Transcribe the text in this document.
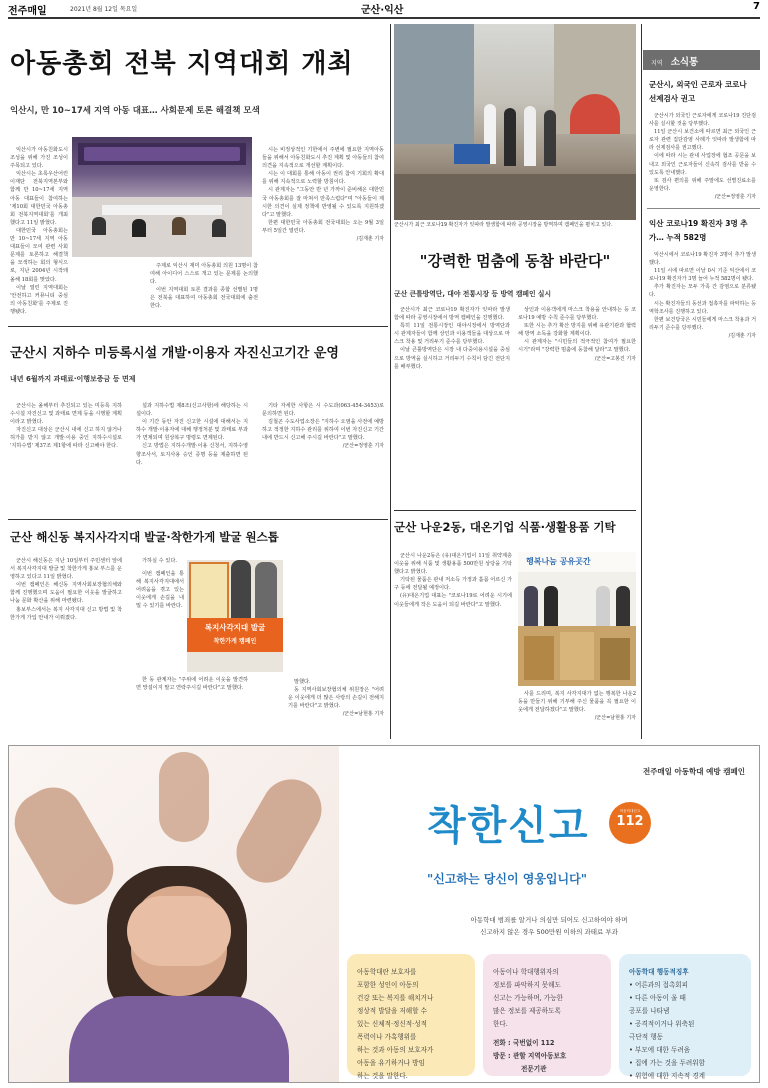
전주매일	2021년 8월 12일 목요일	군산·익산	7
아동총회 전북 지역대회 개최
익산시, 만 10~17세 지역 아동 대표… 사회문제 토론 해결책 모색

익산시가 아동친화도시 조성을 위해 가진 조성이 주목되고 있다.

익산시는 초록우산어린이재단 전북지역본부와 함께 만 10~17세 지역 아동 대표들이 참여하는 '제10회 대한민국 아동총회 전북지역대회'를 개최했다고 11일 밝혔다.

대한민국 아동총회는 만 10~17세 지역 아동 대표들이 모여 관련 사회문제를 토론하고 해결책을 모색하는 회의 형식으로, 지난 2004년 시작돼 올해 18회를 맞았다.

이날 열린 지역대회는 '안전하고 커뮤니티 중심의 아동친화'를 주제로 진행됐다.

주제로 익산시 재미 아동총회 의원 13명이 참여해 아이디어 스스로 개고 있는 문제를 논의했다.

이번 지역대회 토론 결과를 종합 선별된 1명은 전북을 대표하여 아동총회 전국대회에 출전한다.

시는 비정상적인 기한에서 주변에 필요한 지역아동들을 위해서 아동친화도시 추진 계획 및 아동들의 참여 의견을 지속적으로 개선할 계획이다.

시는 이 대회를 통해 아동이 권리 참여 기회의 확대를 위해 지속적으로 노력할 방침이다.

시 관계자는 "그동안 반 년 가까이 준비해온 대한민국 아동총회를 잘 마쳐서 만족스럽다"며 "아동들이 제시한 의견이 실제 정책에 반영될 수 있도록 지원하겠다"고 말했다.

한편 대한민국 아동총회 전국대회는 오는 9월 3일부터 5일간 열린다.

/김재춘 기자
군산시 지하수 미등록시설 개발·이용자 자진신고기간 운영
내년 6월까지 과태료·이행보증금 등 면제

군산시는 올해부터 추진되고 있는 미등록 지하수시설 자진신고 및 과태료 면제 등을 시행할 계획이라고 밝혔다.

자진신고 대상은 군산시 내에 신고 하지 않거나 허가를 받지 않고 개발·이용 중인 지하수시설로 '지하수법' 제37조 제1항에 따라 신고해야 한다.

설과 지하수법 제8조(신고사항)에 해당하는 시설이다.

이 기간 동안 자진 신고한 시설에 대해서는 지하수 개발·이용자에 대해 행정처분 및 과태료 부과가 면제되며 원상복구 명령도 면제된다.

신고 방법은 지하수개발·이용 신청서, 지하수영향조사서, 토지사용 승인 증명 등을 제출하면 된다.

기타 자세한 사항은 시 수도과(063-454-3453)로 문의하면 된다.

김철곤 수도사업소장은 "지하수 오염을 사전에 예방하고 적정한 지하수 관리를 위하여 이번 자진신고 기간 내에 반드시 신고해 주시길 바란다"고 말했다.

/군산=정영훈 기자
군산 해신동 복지사각지대 발굴·착한가게 발굴 원스톱

군산시 해신동은 지난 10일부터 주민센터 앞에서 복지사각지대 발굴 및 착한가게 홍보 부스를 운영하고 있다고 11일 밝혔다.

이번 캠페인은 해신동 지역사회보장협의체와 함께 진행했으며 도움이 필요한 이웃을 발굴하고 나눔 문화 확산을 위해 마련됐다.

홍보부스에서는 복지 사각지대 신고 방법 및 착한가게 가입 안내가 이뤄졌다.

가하실 수 있다.

복지사각지대 발굴
착한가게 캠페인

이번 캠페인을 통해 복지사각지대에서 어려움을 겪고 있는 이웃에게 손길을 내밀 수 있기를 바란다.

한 동 관계자는 "주위에 어려운 이웃을 발견하면 망설이지 말고 연락주시길 바란다"고 말했다.

말했다.

동 지역사회보장협의체 위원장은 "어려운 이웃에게 더 많은 사랑의 손길이 전해지기를 바란다"고 밝혔다.

/군산=남현홍 기자
군산시가 최근 코로나19 확진자가 잇따라 발생함에 따라 공영시장을 방역하며 캠페인을 펼치고 있다.
"강력한 멈춤에 동참 바란다"
군산 큰틀방역단, 대야 전통시장 등 방역 캠페인 실시

군산시가 최근 코로나19 확진자가 잇따라 발생함에 따라 공영시장에서 방역 캠페인을 진행했다.

특히 11일 전통시장인 대야시장에서 방역단과 시 관계자들이 함께 상인과 이용객들을 대상으로 마스크 착용 및 거리두기 준수를 당부했다.

이날 큰틀방역단은 시장 내 다중이용시설을 중심으로 방역을 실시하고 거리두기 수칙이 담긴 전단지를 배부했다.

상인과 이용객에게 마스크 착용을 안내하는 등 코로나19 예방 수칙 준수를 당부했다.

또한 시는 추가 확산 방지를 위해 유관기관과 협력해 방역 소독을 강화할 계획이다.

시 관계자는 "시민들의 적극적인 참여가 필요한 시기"라며 "강력한 멈춤에 동참해 달라"고 말했다.

/군산=고봉진 기자
군산 나운2동, 대온기업 식품·생활용품 기탁

군산시 나운2동은 (유)대온기업이 11일 취약계층 이웃을 위해 식품 및 생활용품 500만원 상당을 기탁했다고 밝혔다.

기탁된 물품은 관내 저소득 가정과 홀몸 어르신 가구 등에 전달될 예정이다.

(유)대온기업 대표는 "코로나19로 어려운 시기에 이웃들에게 작은 도움이 되길 바란다"고 말했다.

행복나눔 공유곳간

사를 드리며, 복지 사각지대가 없는 행복한 나운2동을 만들기 위해 기부해 주신 물품을 꼭 필요한 이웃에게 전달하겠다"고 말했다.

/군산=남현홍 기자
지역 소식통
군산시, 외국인 근로자 코로나 선제검사 권고

군산시가 외국인 근로자에게 코로나19 진단검사를 실시할 것을 당부했다.

11일 군산시 보건소에 따르면 최근 외국인 근로자 관련 집단감염 사례가 잇따라 발생함에 따라 선제검사를 권고했다.

이에 따라 시는 관내 사업장에 협조 공문을 보내고 외국인 근로자들이 신속히 검사를 받을 수 있도록 안내했다.

또 검사 편의를 위해 주말에도 선별진료소를 운영한다.

/군산=정영훈 기자
익산 코로나19 확진자 3명 추가… 누적 582명

익산시에서 코로나19 확진자 3명이 추가 발생했다.

11일 시에 따르면 이날 0시 기준 익산에서 코로나19 확진자가 3명 늘어 누적 582명이 됐다.

추가 확진자는 모두 가족 간 감염으로 분류됐다.

시는 확진자들의 동선과 접촉자를 파악하는 등 역학조사를 진행하고 있다.

한편 보건당국은 시민들에게 마스크 착용과 거리두기 준수를 당부했다.

/김재춘 기자
전주매일 아동학대 예방 캠페인
착한신고	아동학대신고
112
"신고하는 당신이 영웅입니다"
아동학대 범죄를 알거나 의심만 되어도 신고하여야 하며
신고하지 않은 경우 500만원 이하의 과태료 부과
아동학대란 보호자를
포함한 성인이 아동의
건강 또는 복지를 해치거나
정상적 발달을 저해할 수
있는 신체적·정신적·성적
폭력이나 가혹행위를
하는 것과 아동의 보호자가
아동을 유기하거나 방임
하는 것을 말한다.
아동이나 학대행위자의
정보를 파악하지 못해도
신고는 가능하며, 가능한
많은 정보를 제공하도록
한다.
전화 : 국번없이 112
방문 : 관할 지역아동보호
전문기관
아동학대 행동적징후
• 어른과의 접촉회피
• 다른 아동이 울 때
공포를 나타냄
• 공격적이거나 위축된
극단적 행동
• 부모에 대한 두려움
• 집에 가는 것을 두려워함
• 위험에 대한 지속적 경계
